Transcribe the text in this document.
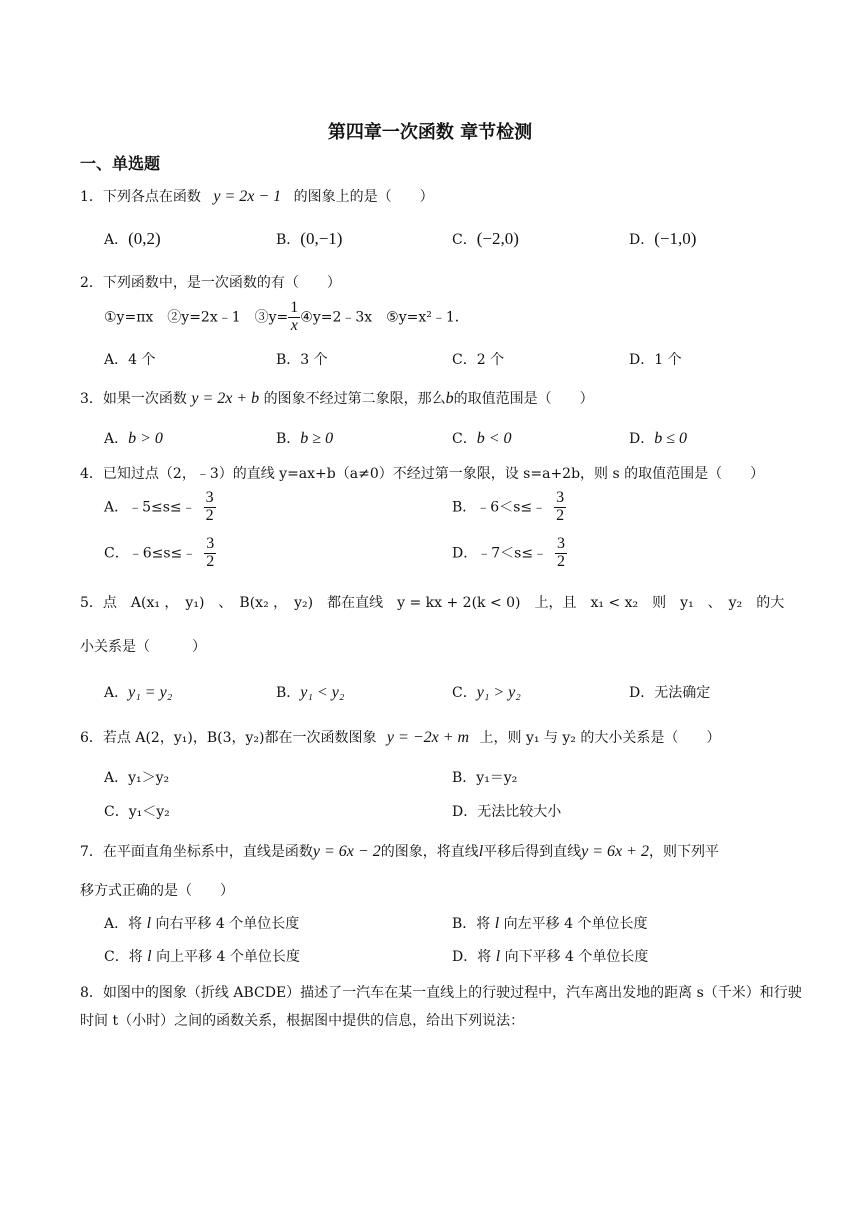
第四章一次函数 章节检测
一、单选题
1．下列各点在函数 y = 2x − 1 的图象上的是（　　）
A．(0,2)	B．(0,−1)	C．(−2,0)	D．(−1,0)
2．下列函数中，是一次函数的有（　　）
①y=πx　②y=2x﹣1　③y= $\frac{1}{x}$ ④y=2﹣3x　⑤y=x²﹣1．
A．4 个	B．3 个	C．2 个	D．1 个
3．如果一次函数 y = 2x + b 的图象不经过第二象限，那么b的取值范围是（　　）
A．b > 0	B．b ≥ 0	C．b < 0	D．b ≤ 0
4．已知过点（2，﹣3）的直线 y=ax+b（a≠0）不经过第一象限，设 s=a+2b，则 s 的取值范围是（　　）
A．﹣5≤s≤﹣ $\frac{3}{2}$	B．﹣6＜s≤﹣ $\frac{3}{2}$
C．﹣6≤s≤﹣ $\frac{3}{2}$	D．﹣7＜s≤﹣ $\frac{3}{2}$
5．点　A(x₁ ，　y₁)　、　B(x₂ ，　y₂)　都在直线　y = kx + 2(k < 0)　上，且　x₁ < x₂　则　y₁　、　y₂　的大
小关系是（　　　）
A．y₁ = y₂	B．y₁ < y₂	C．y₁ > y₂	D．无法确定
6．若点 A(2，y₁)，B(3，y₂)都在一次函数图象 y = −2x + m 上，则 y₁ 与 y₂ 的大小关系是（　　）
A．y₁＞y₂	B．y₁＝y₂
C．y₁＜y₂	D．无法比较大小
7．在平面直角坐标系中，直线是函数y = 6x − 2的图象，将直线l平移后得到直线y = 6x + 2，则下列平
移方式正确的是（　　）
A．将 l 向右平移 4 个单位长度	B．将 l 向左平移 4 个单位长度
C．将 l 向上平移 4 个单位长度	D．将 l 向下平移 4 个单位长度
8．如图中的图象（折线 ABCDE）描述了一汽车在某一直线上的行驶过程中，汽车离出发地的距离 s（千米）和行驶时间 t（小时）之间的函数关系，根据图中提供的信息，给出下列说法：
